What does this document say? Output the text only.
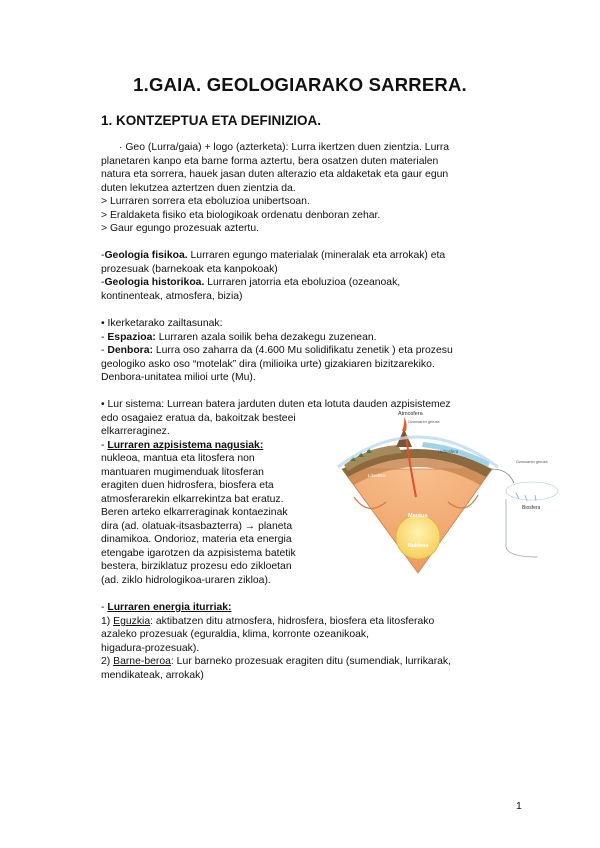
1.GAIA. GEOLOGIARAKO SARRERA.
1. KONTZEPTUA ETA DEFINIZIOA.
· Geo (Lurra/gaia) + logo (azterketa): Lurra ikertzen duen zientzia. Lurra
planetaren kanpo eta barne forma aztertu, bera osatzen duten materialen
natura eta sorrera, hauek jasan duten alterazio eta aldaketak eta gaur egun
duten lekutzea aztertzen duen zientzia da.
> Lurraren sorrera eta eboluzioa unibertsoan.
> Eraldaketa fisiko eta biologikoak ordenatu denboran zehar.
> Gaur egungo prozesuak aztertu.
-Geologia fisikoa. Lurraren egungo materialak (mineralak eta arrokak) eta
prozesuak (barnekoak eta kanpokoak)
-Geologia historikoa. Lurraren jatorria eta eboluzioa (ozeanoak,
kontinenteak, atmosfera, bizia)
• Ikerketarako zailtasunak:
- Espazioa: Lurraren azala soilik beha dezakegu zuzenean.
- Denbora: Lurra oso zaharra da (4.600 Mu solidifikatu zenetik ) eta prozesu
geologiko asko oso “motelak” dira (milioika urte) gizakiaren bizitzarekiko.
Denbora-unitatea milioi urte (Mu).
• Lur sistema: Lurrean batera jarduten duten eta lotuta dauden azpisistemez
edo osagaiez eratua da, bakoitzak besteei
elkarreraginez.
- Lurraren azpisistema nagusiak:
nukleoa, mantua eta litosfera non
mantuaren mugimenduak litosferan
eragiten duen hidrosfera, biosfera eta
atmosferarekin elkarrekintza bat eratuz.
Beren arteko elkarreraginak kontaezinak
dira (ad. olatuak-itsasbazterra) → planeta
dinamikoa. Ondorioz, materia eta energia
etengabe igarotzen da azpisistema batetik
bestera, birziklatuz prozesu edo zikloetan
(ad. ziklo hidrologikoa-uraren zikloa).
Atmosfera
Ozonoaren geruza
Ozonoaren geruza
Hidrosfera
Litosfera
Biosfera
Mantua
Nukleoa
- Lurraren energia iturriak:
1) Eguzkia: aktibatzen ditu atmosfera, hidrosfera, biosfera eta litosferako
azaleko prozesuak (eguraldia, klima, korronte ozeanikoak,
higadura-prozesuak).
2) Barne-beroa: Lur barneko prozesuak eragiten ditu (sumendiak, lurrikarak,
mendikateak, arrokak)
1
